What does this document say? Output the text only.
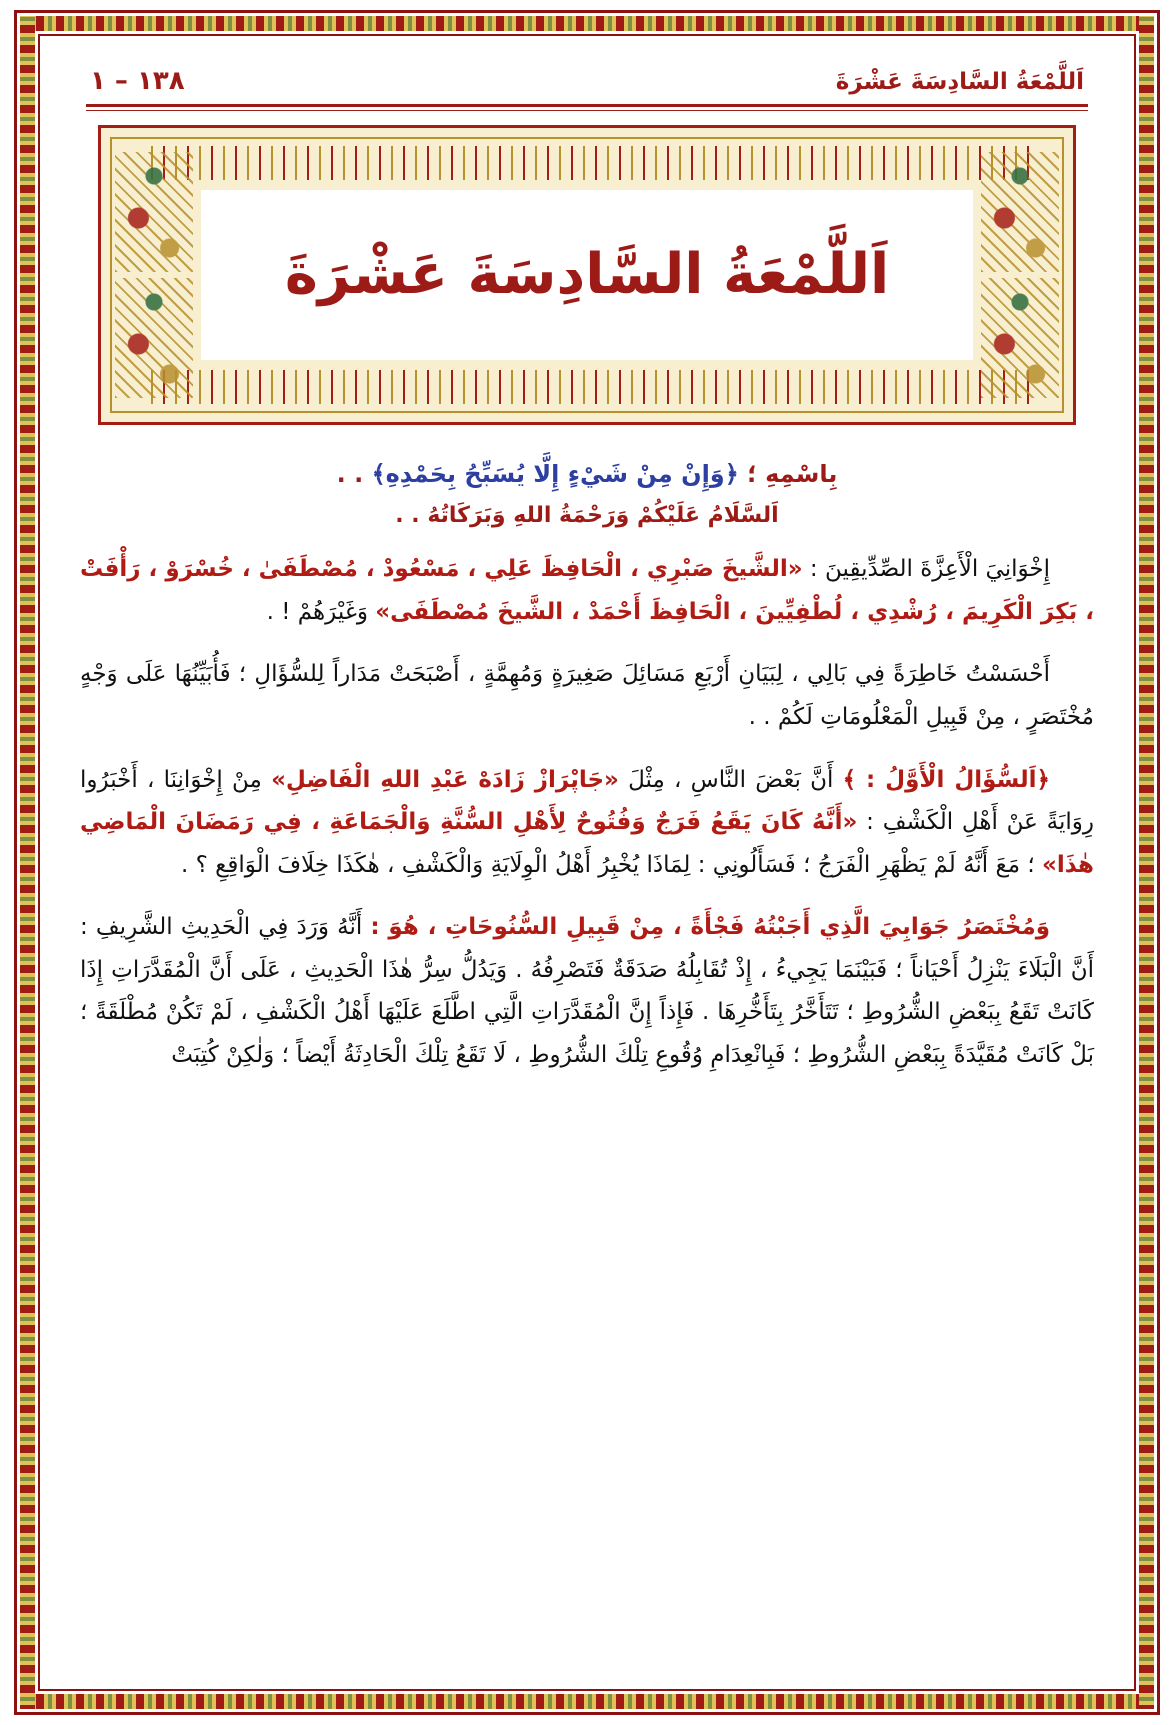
١٣٨ – ١	اَللَّمْعَةُ السَّادِسَةَ عَشْرَةَ
اَللَّمْعَةُ السَّادِسَةَ عَشْرَةَ
بِاسْمِهِ ؛ ﴿وَإِنْ مِنْ شَيْءٍ إِلَّا يُسَبِّحُ بِحَمْدِهِ﴾ . .
اَلسَّلَامُ عَلَيْكُمْ وَرَحْمَةُ اللهِ وَبَرَكَاتُهُ . .

إِخْوَانِيَ الْأَعِزَّةَ الصِّدِّيقِينَ : «الشَّيخَ صَبْرِي ، الْحَافِظَ عَلِي ، مَسْعُودْ ، مُصْطَفَىٰ ، خُسْرَوْ ، رَأْفَتْ ، بَكِرَ الْكَرِيمَ ، رُشْدِي ، لُطْفِيِّينَ ، الْحَافِظَ أَحْمَدْ ، الشَّيخَ مُصْطَفَى» وَغَيْرَهُمْ ! .

أَحْسَسْتُ خَاطِرَةً فِي بَالِي ، لِبَيَانِ أَرْبَعِ مَسَائِلَ صَغِيرَةٍ وَمُهِمَّةٍ ، أَصْبَحَتْ مَدَاراً لِلسُّؤَالِ ؛ فَأُبَيِّنُهَا عَلَى وَجْهٍ مُخْتَصَرٍ ، مِنْ قَبِيلِ الْمَعْلُومَاتِ لَكُمْ . .

﴿اَلسُّؤَالُ الْأَوَّلُ : ﴾ أَنَّ بَعْضَ النَّاسِ ، مِثْلَ «جَاپْرَازْ زَادَهْ عَبْدِ اللهِ الْفَاضِلِ» مِنْ إِخْوَانِنَا ، أَخْبَرُوا رِوَايَةً عَنْ أَهْلِ الْكَشْفِ : «أَنَّهُ كَانَ يَقَعُ فَرَجٌ وَفُتُوحٌ لِأَهْلِ السُّنَّةِ وَالْجَمَاعَةِ ، فِي رَمَضَانَ الْمَاضِي هٰذَا» ؛ مَعَ أَنَّهُ لَمْ يَظْهَرِ الْفَرَجُ ؛ فَسَأَلُونِي : لِمَاذَا يُخْبِرُ أَهْلُ الْوِلَايَةِ وَالْكَشْفِ ، هٰكَذَا خِلَافَ الْوَاقِعِ ؟ .

وَمُخْتَصَرُ جَوَابِيَ الَّذِي أَجَبْتُهُ فَجْأَةً ، مِنْ قَبِيلِ السُّنُوحَاتِ ، هُوَ : أَنَّهُ وَرَدَ فِي الْحَدِيثِ الشَّرِيفِ : أَنَّ الْبَلَاءَ يَنْزِلُ أَحْيَاناً ؛ فَبَيْنَمَا يَجِيءُ ، إِذْ تُقَابِلُهُ صَدَقَةٌ فَتَصْرِفُهُ . وَيَدُلُّ سِرُّ هٰذَا الْحَدِيثِ ، عَلَى أَنَّ الْمُقَدَّرَاتِ إِذَا كَانَتْ تَقَعُ بِبَعْضِ الشُّرُوطِ ؛ تَتَأَخَّرُ بِتَأَخُّرِهَا . فَإِذاً إِنَّ الْمُقَدَّرَاتِ الَّتِي اطَّلَعَ عَلَيْهَا أَهْلُ الْكَشْفِ ، لَمْ تَكُنْ مُطْلَقَةً ؛ بَلْ كَانَتْ مُقَيَّدَةً بِبَعْضِ الشُّرُوطِ ؛ فَبِانْعِدَامِ وُقُوعِ تِلْكَ الشُّرُوطِ ، لَا تَقَعُ تِلْكَ الْحَادِثَةُ أَيْضاً ؛ وَلٰكِنْ كُتِبَتْ
